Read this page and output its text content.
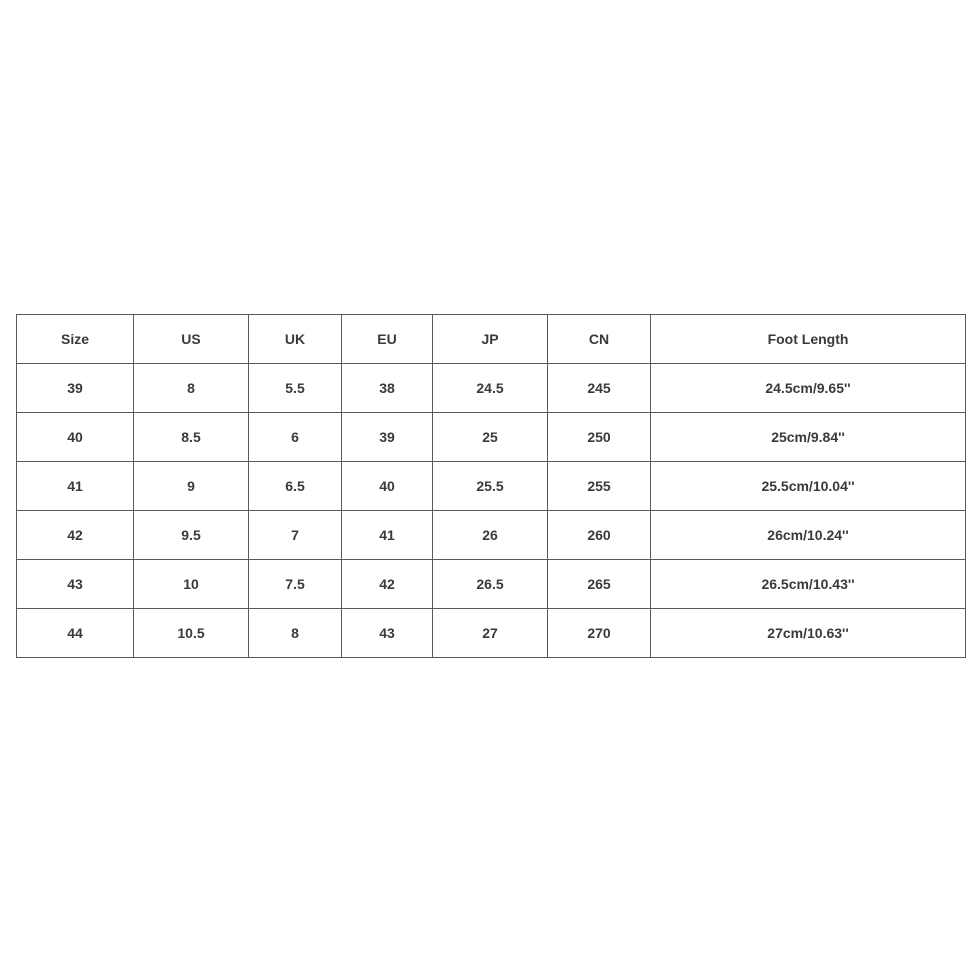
Size	US	UK	EU	JP	CN	Foot Length
39	8	5.5	38	24.5	245	24.5cm/9.65''
40	8.5	6	39	25	250	25cm/9.84''
41	9	6.5	40	25.5	255	25.5cm/10.04''
42	9.5	7	41	26	260	26cm/10.24''
43	10	7.5	42	26.5	265	26.5cm/10.43''
44	10.5	8	43	27	270	27cm/10.63''
